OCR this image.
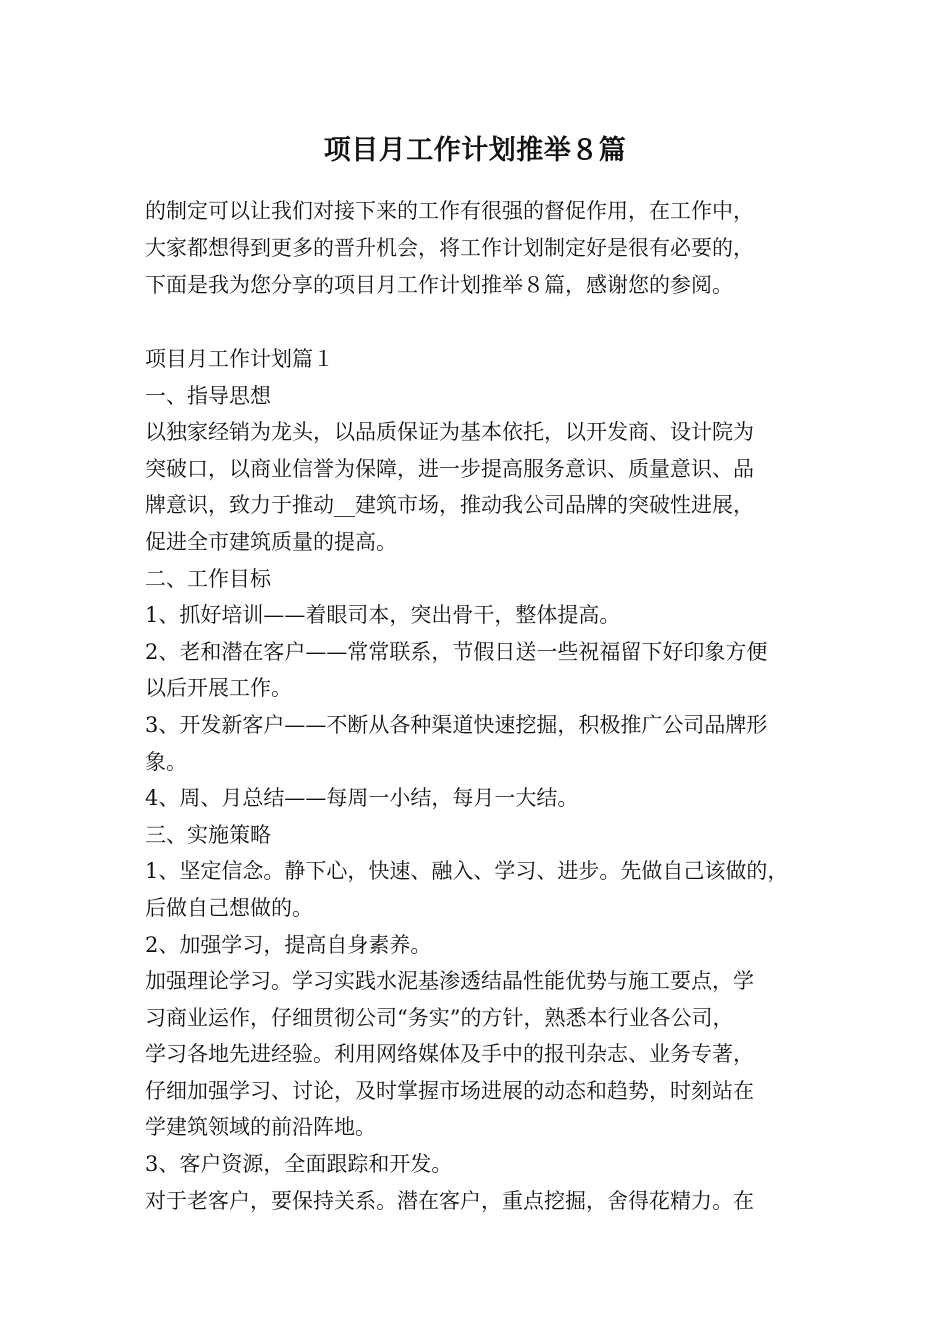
项目月工作计划推举８篇
的制定可以让我们对接下来的工作有很强的督促作用，在工作中，
大家都想得到更多的晋升机会，将工作计划制定好是很有必要的，
下面是我为您分享的项目月工作计划推举８篇，感谢您的参阅。
项目月工作计划篇１
一、指导思想
以独家经销为龙头，以品质保证为基本依托，以开发商、设计院为
突破口，以商业信誉为保障，进一步提高服务意识、质量意识、品
牌意识，致力于推动__建筑市场，推动我公司品牌的突破性进展，
促进全市建筑质量的提高。
二、工作目标
1、抓好培训——着眼司本，突出骨干，整体提高。
2、老和潜在客户——常常联系，节假日送一些祝福留下好印象方便
以后开展工作。
3、开发新客户——不断从各种渠道快速挖掘，积极推广公司品牌形
象。
4、周、月总结——每周一小结，每月一大结。
三、实施策略
1、坚定信念。静下心，快速、融入、学习、进步。先做自己该做的，
后做自己想做的。
2、加强学习，提高自身素养。
加强理论学习。学习实践水泥基渗透结晶性能优势与施工要点，学
习商业运作，仔细贯彻公司“务实”的方针，熟悉本行业各公司，
学习各地先进经验。利用网络媒体及手中的报刊杂志、业务专著，
仔细加强学习、讨论，及时掌握市场进展的动态和趋势，时刻站在
学建筑领域的前沿阵地。
3、客户资源，全面跟踪和开发。
对于老客户，要保持关系。潜在客户，重点挖掘，舍得花精力。在
